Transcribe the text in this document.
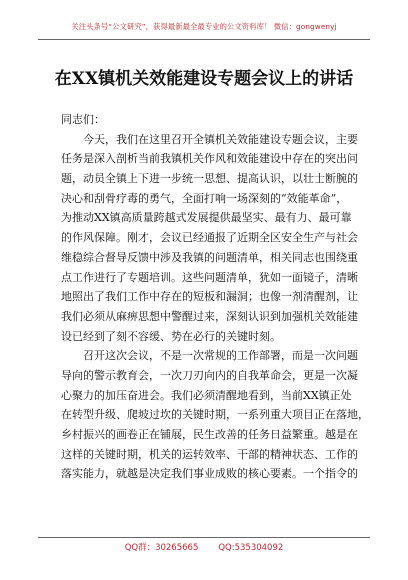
关注头条号“公文研究”，获得最新最全最专业的公文资料库！ 微信：gongwenyj
在XX镇机关效能建设专题会议上的讲话
同志们：
今天，我们在这里召开全镇机关效能建设专题会议，主要
任务是深入剖析当前我镇机关作风和效能建设中存在的突出问
题，动员全镇上下进一步统一思想、提高认识，以壮士断腕的
决心和刮骨疗毒的勇气，全面打响一场深刻的“效能革命”，
为推动XX镇高质量跨越式发展提供最坚实、最有力、最可靠
的作风保障。刚才，会议已经通报了近期全区安全生产与社会
维稳综合督导反馈中涉及我镇的问题清单，相关同志也围绕重
点工作进行了专题培训。这些问题清单，犹如一面镜子，清晰
地照出了我们工作中存在的短板和漏洞；也像一剂清醒剂，让
我们必须从麻痹思想中警醒过来，深刻认识到加强机关效能建
设已经到了刻不容缓、势在必行的关键时刻。
召开这次会议，不是一次常规的工作部署，而是一次问题
导向的警示教育会，一次刀刃向内的自我革命会，更是一次凝
心聚力的加压奋进会。我们必须清醒地看到，当前XX镇正处
在转型升级、爬坡过坎的关键时期，一系列重大项目正在落地，
乡村振兴的画卷正在铺展，民生改善的任务日益繁重。越是在
这样的关键时期，机关的运转效率、干部的精神状态、工作的
落实能力，就越是决定我们事业成败的核心要素。一个指令的
QQ群：30265665 QQ:535304092
